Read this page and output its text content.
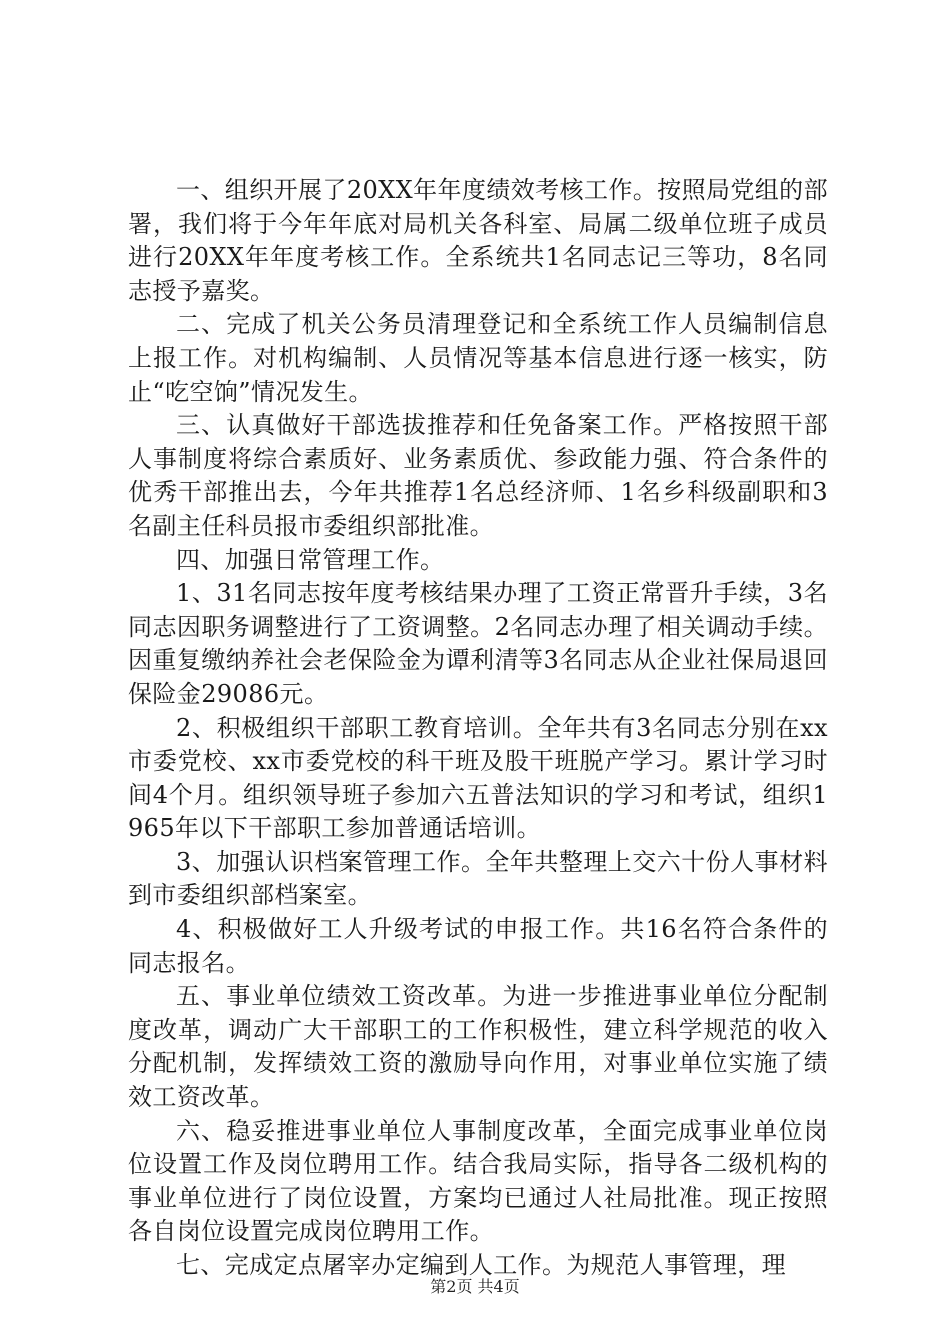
一、组织开展了20XX年年度绩效考核工作。按照局党组的部署，我们将于今年年底对局机关各科室、局属二级单位班子成员进行20XX年年度考核工作。全系统共1名同志记三等功，8名同志授予嘉奖。

二、完成了机关公务员清理登记和全系统工作人员编制信息上报工作。对机构编制、人员情况等基本信息进行逐一核实，防止“吃空饷”情况发生。

三、认真做好干部选拔推荐和任免备案工作。严格按照干部人事制度将综合素质好、业务素质优、参政能力强、符合条件的优秀干部推出去，今年共推荐1名总经济师、1名乡科级副职和3名副主任科员报市委组织部批准。

四、加强日常管理工作。

1、31名同志按年度考核结果办理了工资正常晋升手续，3名同志因职务调整进行了工资调整。2名同志办理了相关调动手续。因重复缴纳养社会老保险金为谭利清等3名同志从企业社保局退回保险金29086元。

2、积极组织干部职工教育培训。全年共有3名同志分别在xx市委党校、xx市委党校的科干班及股干班脱产学习。累计学习时间4个月。组织领导班子参加六五普法知识的学习和考试，组织1965年以下干部职工参加普通话培训。

3、加强认识档案管理工作。全年共整理上交六十份人事材料到市委组织部档案室。

4、积极做好工人升级考试的申报工作。共16名符合条件的同志报名。

五、事业单位绩效工资改革。为进一步推进事业单位分配制度改革，调动广大干部职工的工作积极性，建立科学规范的收入分配机制，发挥绩效工资的激励导向作用，对事业单位实施了绩效工资改革。

六、稳妥推进事业单位人事制度改革，全面完成事业单位岗位设置工作及岗位聘用工作。结合我局实际，指导各二级机构的事业单位进行了岗位设置，方案均已通过人社局批准。现正按照各自岗位设置完成岗位聘用工作。

七、完成定点屠宰办定编到人工作。为规范人事管理，理

第2页 共4页
